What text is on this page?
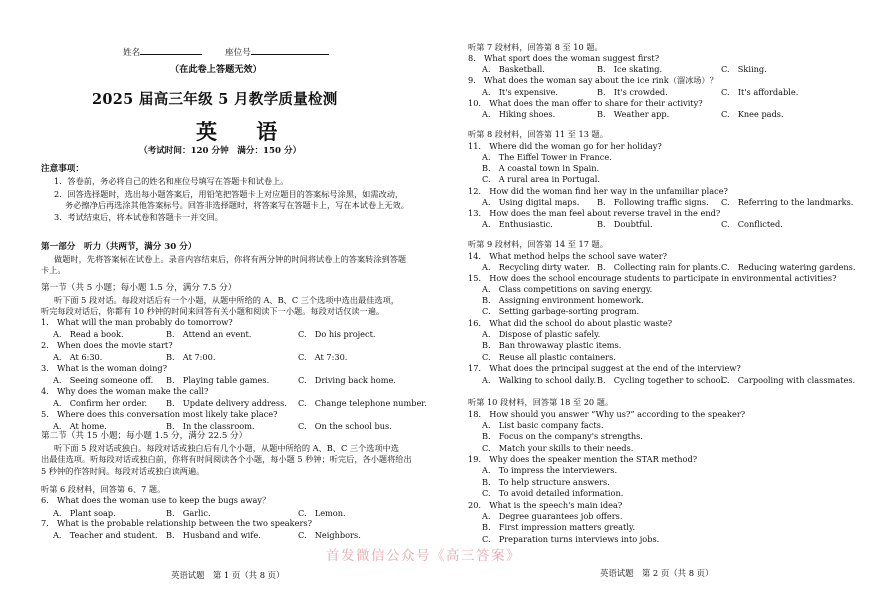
姓名	座位号
（在此卷上答题无效）
2025 届高三年级 5 月教学质量检测
英 语
（考试时间：120 分钟　满分：150 分）
注意事项：
1．答卷前，务必将自己的姓名和座位号填写在答题卡和试卷上。
2．回答选择题时，选出每小题答案后，用铅笔把答题卡上对应题目的答案标号涂黑，如需改动，
务必擦净后再选涂其他答案标号。回答非选择题时，将答案写在答题卡上，写在本试卷上无效。
3．考试结束后，将本试卷和答题卡一并交回。
第一部分　听力（共两节，满分 30 分）
做题时，先将答案标在试卷上。录音内容结束后，你将有两分钟的时间将试卷上的答案转涂到答题
卡上。
第一节（共 5 小题；每小题 1.5 分，满分 7.5 分）
听下面 5 段对话。每段对话后有一个小题，从题中所给的 A、B、C 三个选项中选出最佳选项，
听完每段对话后，你都有 10 秒钟的时间来回答有关小题和阅读下一小题。每段对话仅读一遍。
1.　What will the man probably do tomorrow?
A.　Read a book.	B.　Attend an event.	C.　Do his project.
2.　When does the movie start?
A.　At 6:30.	B.　At 7:00.	C.　At 7:30.
3.　What is the woman doing?
A.　Seeing someone off. B.　Playing table games.	C.　Driving back home.
4.　Why does the woman make the call?
A.　Confirm her order. B.　Update delivery address. C.　Change telephone number.
5.　Where does this conversation most likely take place?
A.　At home.	B.　In the classroom.	C.　On the school bus.
第二节（共 15 小题；每小题 1.5 分，满分 22.5 分）
听下面 5 段对话或独白。每段对话或独白后有几个小题，从题中所给的 A、B、C 三个选项中选
出最佳选项。听每段对话或独白前，你将有时间阅读各个小题，每小题 5 秒钟；听完后，各小题将给出
5 秒钟的作答时间。每段对话或独白读两遍。
听第 6 段材料，回答第 6、7 题。
6.　What does the woman use to keep the bugs away？
A.　Plant soap.	B.　Garlic.	C.　Lemon.
7.　What is the probable relationship between the two speakers?
A.　Teacher and student. B.　Husband and wife.	C.　Neighbors.
英语试题　第 1 页（共 8 页）
听第 7 段材料，回答第 8 至 10 题。
8.　What sport does the woman suggest first?
A.　Basketball.	B.　Ice skating.	C.　Skiing.
9.　What does the woman say about the ice rink（溜冰场）？
A.　It's expensive.	B.　It's crowded.	C.　It's affordable.
10.　What does the man offer to share for their activity?
A.　Hiking shoes.	B.　Weather app.	C.　Knee pads.
听第 8 段材料，回答第 11 至 13 题。
11.　Where did the woman go for her holiday?
A.　The Eiffel Tower in France.
B.　A coastal town in Spain.
C.　A rural area in Portugal.
12.　How did the woman find her way in the unfamiliar place?
A.　Using digital maps. B.　Following traffic signs. C.　Referring to the landmarks.
13.　How does the man feel about reverse travel in the end?
A.　Enthusiastic.	B.　Doubtful.	C.　Conflicted.
听第 9 段材料，回答第 14 至 17 题。
14.　What method helps the school save water?
A.　Recycling dirty water. B.　Collecting rain for plants. C.　Reducing watering gardens.
15.　How does the school encourage students to participate in environmental activities?
A.　Class competitions on saving energy.
B.　Assigning environment homework.
C.　Setting garbage-sorting program.
16.　What did the school do about plastic waste?
A.　Dispose of plastic safely.
B.　Ban throwaway plastic items.
C.　Reuse all plastic containers.
17.　What does the principal suggest at the end of the interview?
A.　Walking to school daily. B.　Cycling together to school.
C.　Carpooling with classmates.
听第 10 段材料，回答第 18 至 20 题。
18.　How should you answer “Why us?” according to the speaker?
A.　List basic company facts.
B.　Focus on the company's strengths.
C.　Match your skills to their needs.
19.　Why does the speaker mention the STAR method?
A.　To impress the interviewers.
B.　To help structure answers.
C.　To avoid detailed information.
20.　What is the speech's main idea?
A.　Degree guarantees job offers.
B.　First impression matters greatly.
C.　Preparation turns interviews into jobs.
英语试题　第 2 页（共 8 页）
首发微信公众号《高三答案》
